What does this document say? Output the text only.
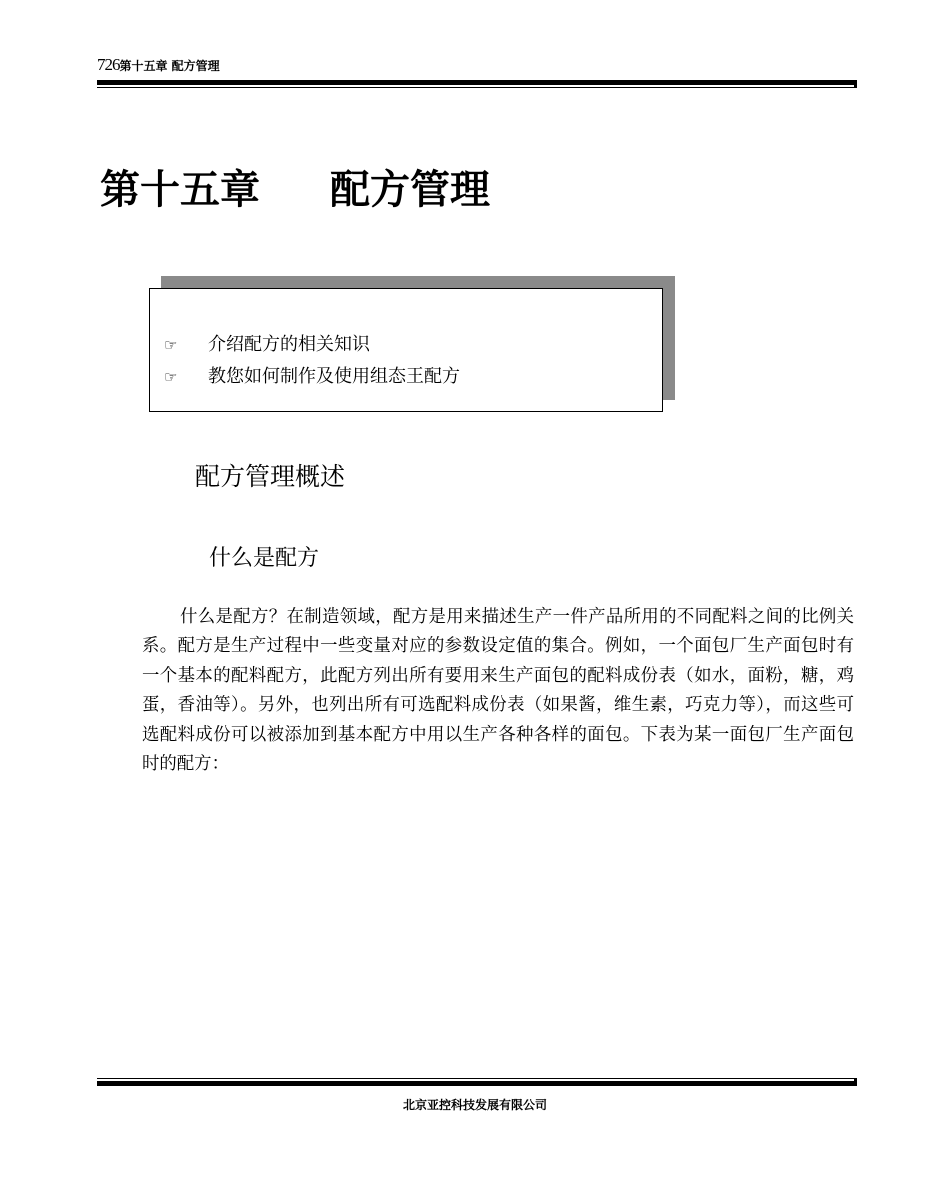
726第十五章 配方管理
第十五章 配方管理
☞ 介绍配方的相关知识
☞ 教您如何制作及使用组态王配方
配方管理概述
什么是配方
什么是配方？在制造领域，配方是用来描述生产一件产品所用的不同配料之间的比例关系。配方是生产过程中一些变量对应的参数设定值的集合。例如，一个面包厂生产面包时有一个基本的配料配方，此配方列出所有要用来生产面包的配料成份表（如水，面粉，糖，鸡蛋，香油等）。另外，也列出所有可选配料成份表（如果酱，维生素，巧克力等），而这些可选配料成份可以被添加到基本配方中用以生产各种各样的面包。下表为某一面包厂生产面包时的配方：
北京亚控科技发展有限公司
